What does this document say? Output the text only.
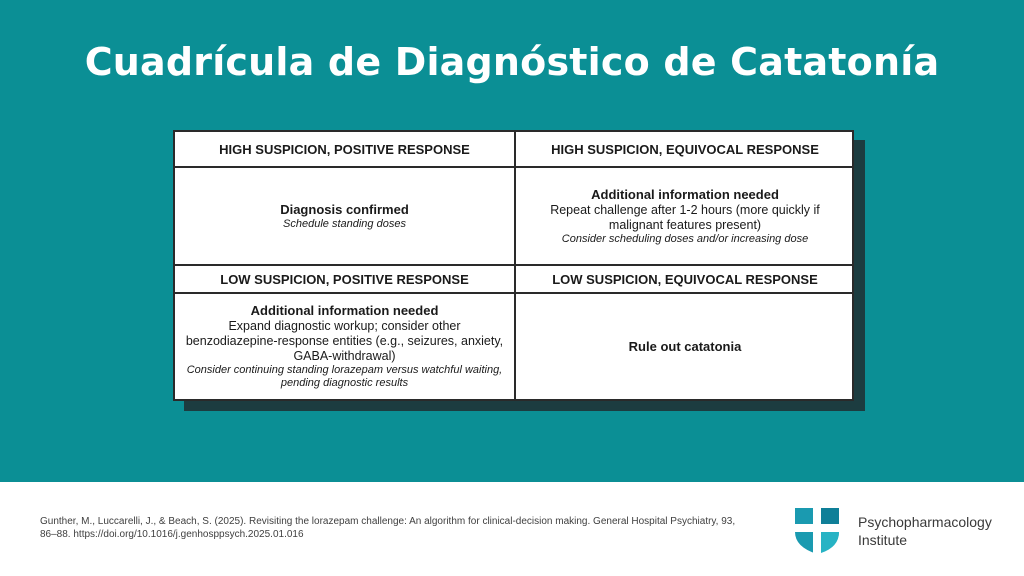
Cuadrícula de Diagnóstico de Catatonía
HIGH SUSPICION, POSITIVE RESPONSE	HIGH SUSPICION, EQUIVOCAL RESPONSE
Diagnosis confirmed
Schedule standing doses
Additional information needed
Repeat challenge after 1-2 hours (more quickly if
malignant features present)
Consider scheduling doses and/or increasing dose
LOW SUSPICION, POSITIVE RESPONSE	LOW SUSPICION, EQUIVOCAL RESPONSE
Additional information needed
Expand diagnostic workup; consider other
benzodiazepine-response entities (e.g., seizures, anxiety,
GABA-withdrawal)
Consider continuing standing lorazepam versus watchful waiting,
pending diagnostic results
Rule out catatonia
Gunther, M., Luccarelli, J., & Beach, S. (2025). Revisiting the lorazepam challenge: An algorithm for clinical-decision making. General Hospital Psychiatry, 93,
86–88. https://doi.org/10.1016/j.genhosppsych.2025.01.016
Psychopharmacology
Institute
